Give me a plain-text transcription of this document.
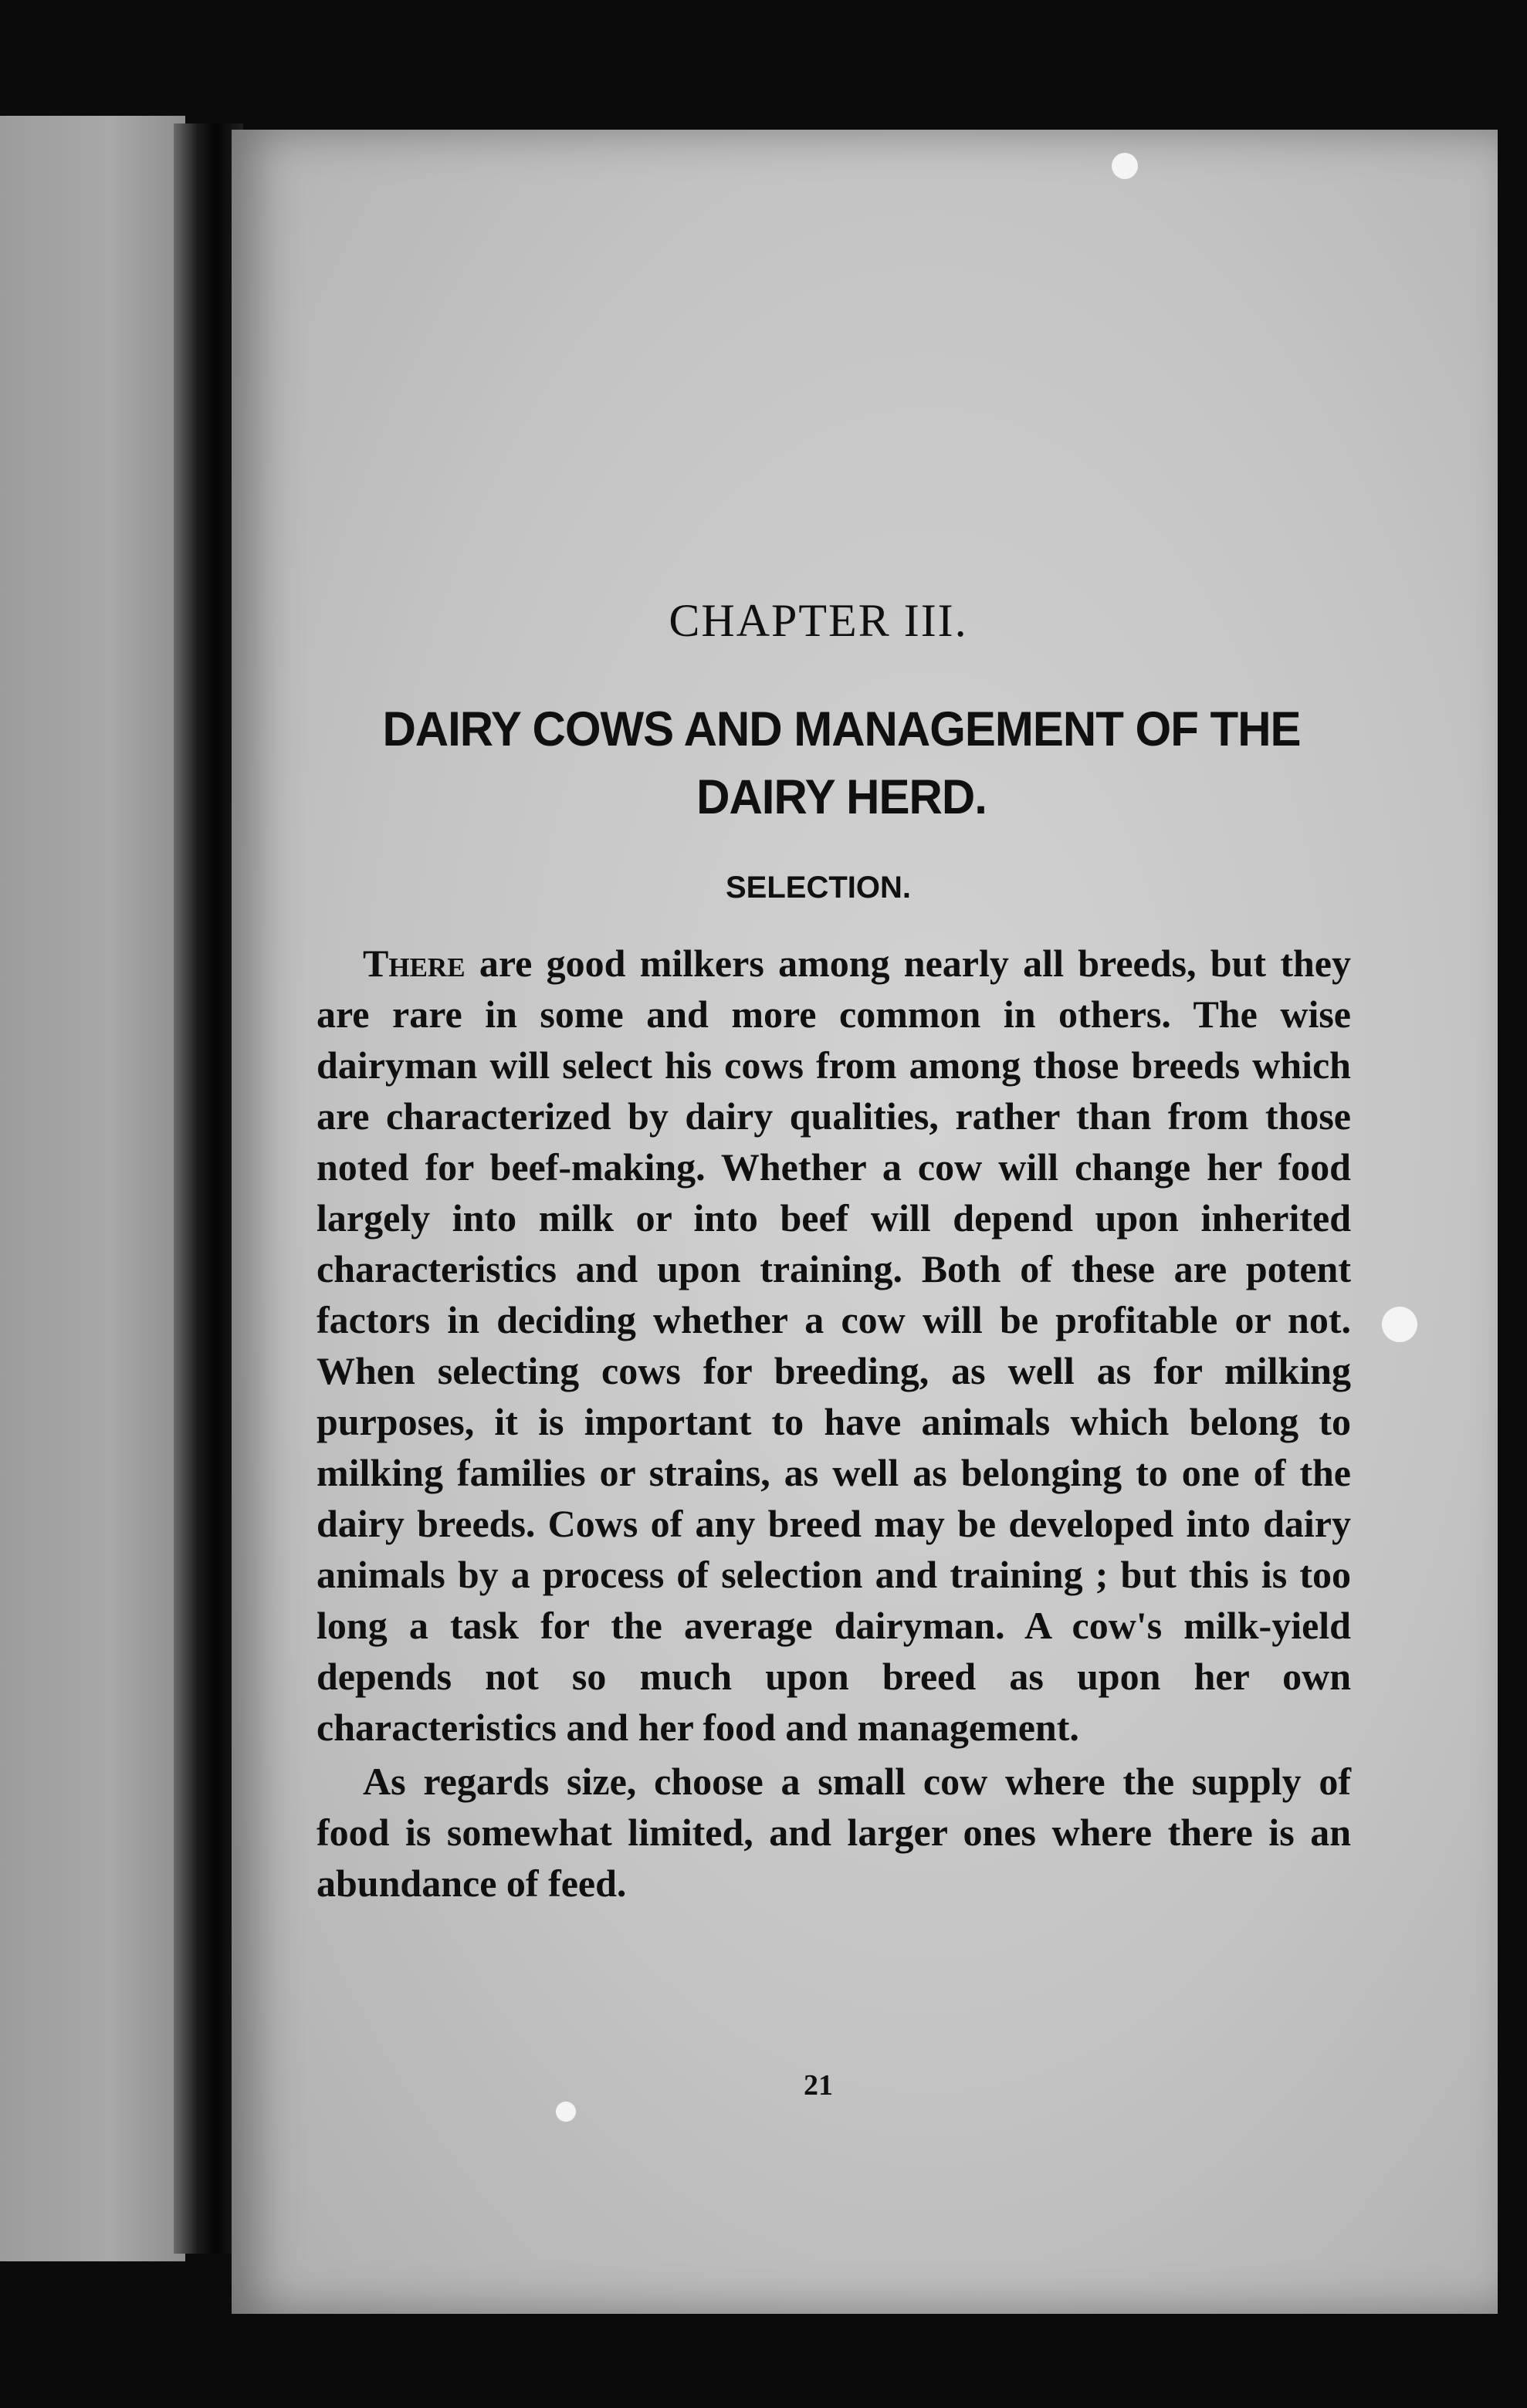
CHAPTER III.
DAIRY COWS AND MANAGEMENT OF THE DAIRY HERD.
SELECTION.

There are good milkers among nearly all breeds, but they are rare in some and more common in others. The wise dairyman will select his cows from among those breeds which are characterized by dairy qualities, rather than from those noted for beef-making. Whether a cow will change her food largely into milk or into beef will depend upon inherited characteristics and upon training. Both of these are potent factors in deciding whether a cow will be profitable or not. When selecting cows for breeding, as well as for milking purposes, it is important to have animals which belong to milking families or strains, as well as belonging to one of the dairy breeds. Cows of any breed may be developed into dairy animals by a process of selection and training ; but this is too long a task for the average dairyman. A cow's milk-yield depends not so much upon breed as upon her own characteristics and her food and management.

As regards size, choose a small cow where the supply of food is somewhat limited, and larger ones where there is an abundance of feed.

21
